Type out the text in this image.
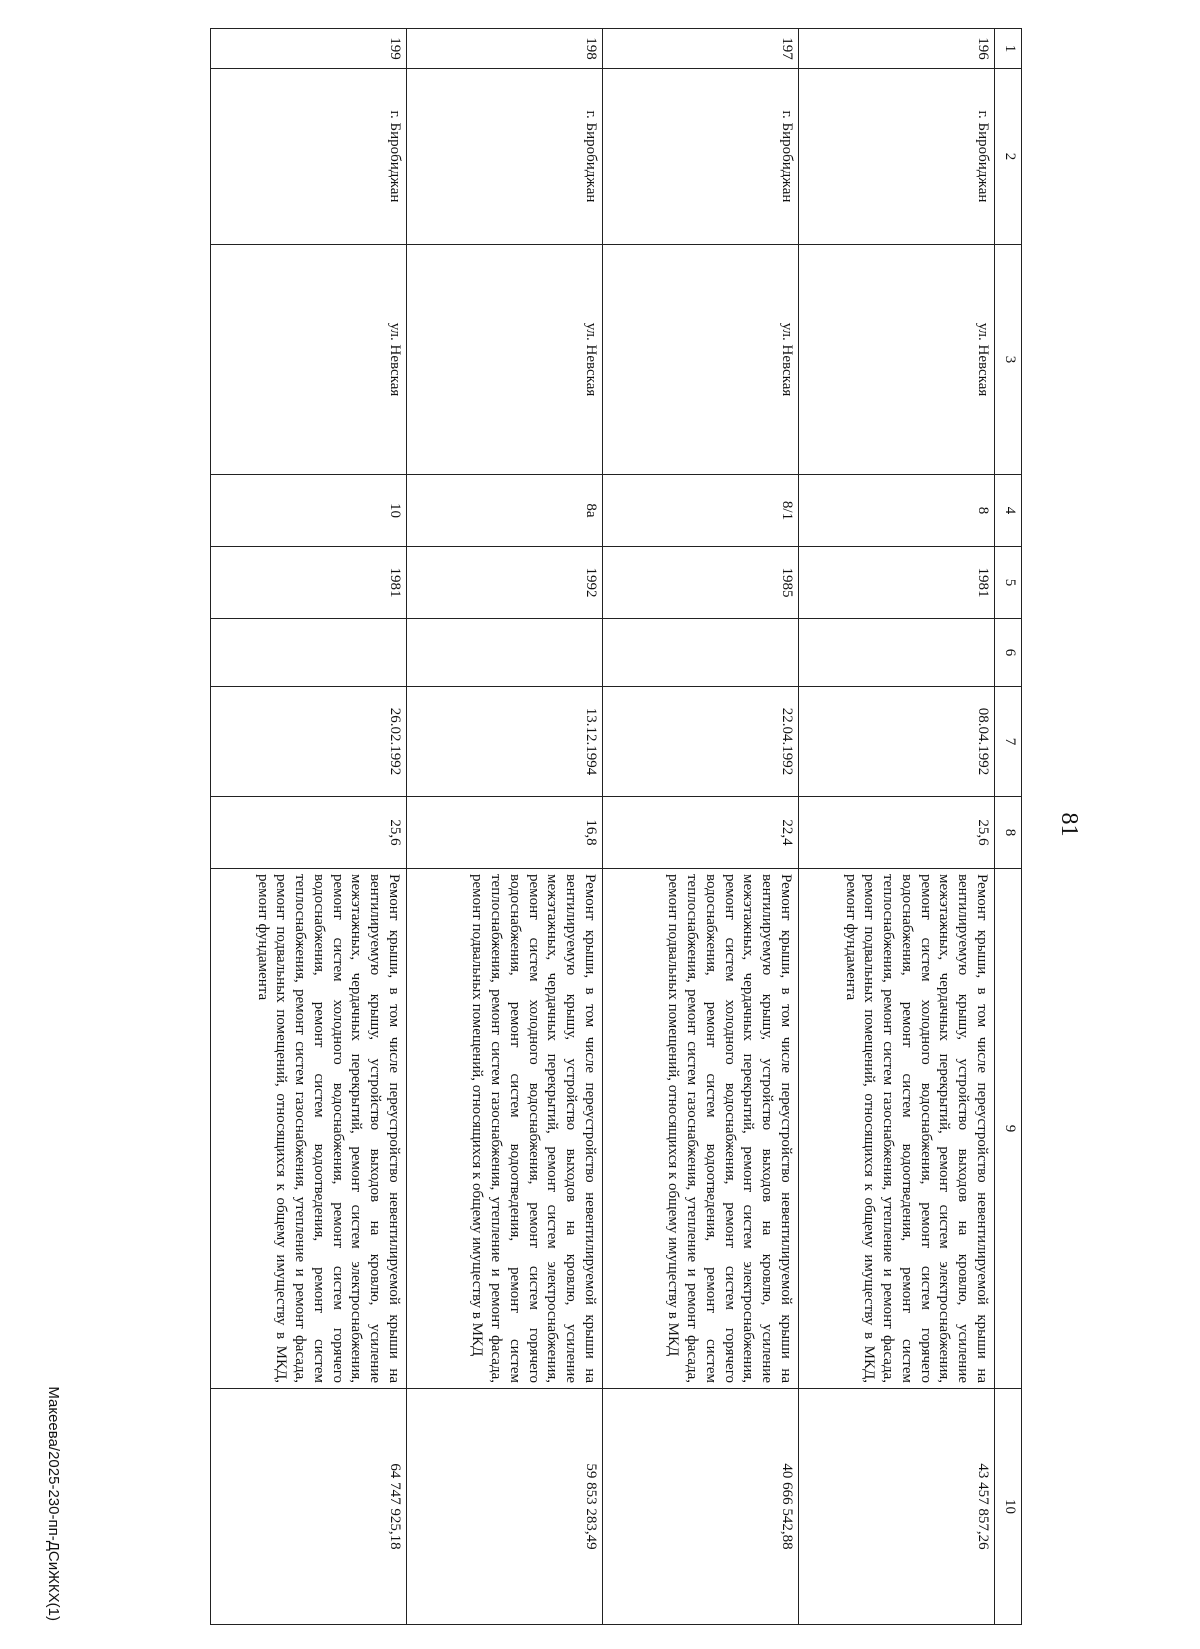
81
1	2	3	4	5	6	7	8	9	10
196	г. Биробиджан	ул. Невская	8	1981		08.04.1992	25,6	Ремонт крыши, в том числе переустройство невентилируемой крыши на вентилируемую крышу, устройство выходов на кровлю, усиление межэтажных, чердачных перекрытий, ремонт систем электроснабжения, ремонт систем холодного водоснабжения, ремонт систем горячего водоснабжения, ремонт систем водоотведения, ремонт систем теплоснабжения, ремонт систем газоснабжения, утепление и ремонт фасада, ремонт подвальных помещений, относящихся к общему имуществу в МКД, ремонт фундамента	43 457 857,26
197	г. Биробиджан	ул. Невская	8/1	1985		22.04.1992	22,4	Ремонт крыши, в том числе переустройство невентилируемой крыши на вентилируемую крышу, устройство выходов на кровлю, усиление межэтажных, чердачных перекрытий, ремонт систем электроснабжения, ремонт систем холодного водоснабжения, ремонт систем горячего водоснабжения, ремонт систем водоотведения, ремонт систем теплоснабжения, ремонт систем газоснабжения, утепление и ремонт фасада, ремонт подвальных помещений, относящихся к общему имуществу в МКД	40 666 542,88
198	г. Биробиджан	ул. Невская	8а	1992		13.12.1994	16,8	Ремонт крыши, в том числе переустройство невентилируемой крыши на вентилируемую крышу, устройство выходов на кровлю, усиление межэтажных, чердачных перекрытий, ремонт систем электроснабжения, ремонт систем холодного водоснабжения, ремонт систем горячего водоснабжения, ремонт систем водоотведения, ремонт систем теплоснабжения, ремонт систем газоснабжения, утепление и ремонт фасада, ремонт подвальных помещений, относящихся к общему имуществу в МКД	59 853 283,49
199	г. Биробиджан	ул. Невская	10	1981		26.02.1992	25,6	Ремонт крыши, в том числе переустройство невентилируемой крыши на вентилируемую крышу, устройство выходов на кровлю, усиление межэтажных, чердачных перекрытий, ремонт систем электроснабжения, ремонт систем холодного водоснабжения, ремонт систем горячего водоснабжения, ремонт систем водоотведения, ремонт систем теплоснабжения, ремонт систем газоснабжения, утепление и ремонт фасада, ремонт подвальных помещений, относящихся к общему имуществу в МКД, ремонт фундамента	64 747 925,18
Макеева/2025-230-пп-ДСиЖКХ(1)
